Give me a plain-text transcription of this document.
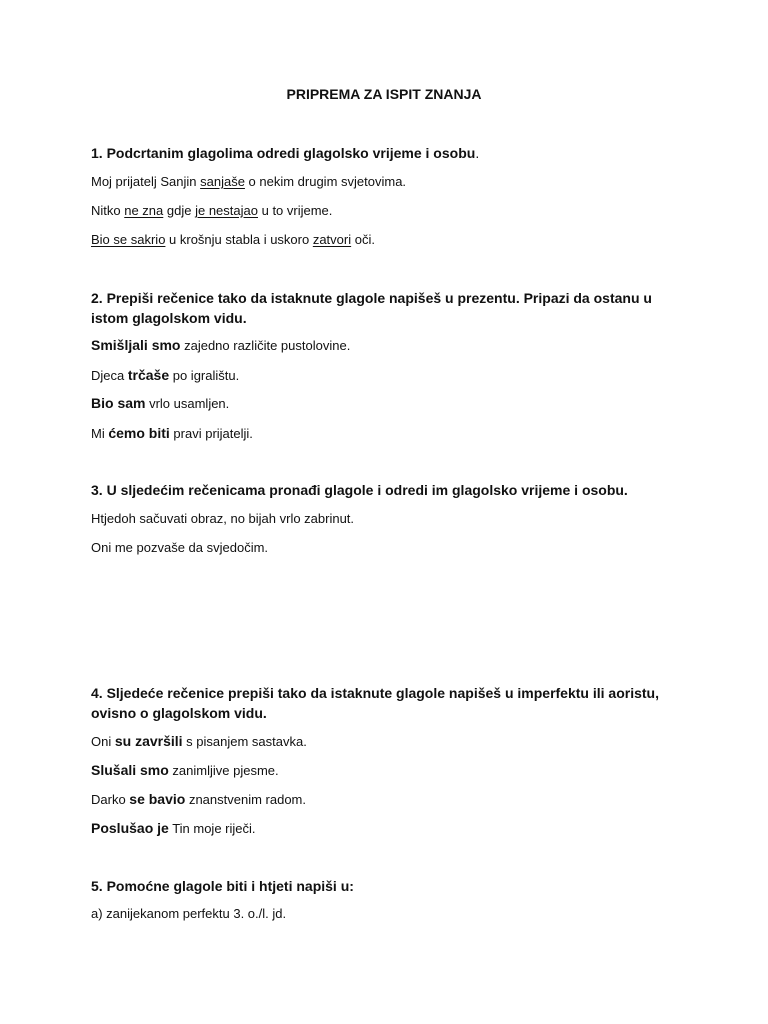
PRIPREMA ZA ISPIT ZNANJA
1. Podcrtanim glagolima odredi glagolsko vrijeme i osobu.
Moj prijatelj Sanjin sanjaše o nekim drugim svjetovima.
Nitko ne zna gdje je nestajao u to vrijeme.
Bio se sakrio u krošnju stabla i uskoro zatvori oči.
2. Prepiši rečenice tako da istaknute glagole napišeš u prezentu. Pripazi da ostanu u istom glagolskom vidu.
Smišljali smo zajedno različite pustolovine.
Djeca trčaše po igralištu.
Bio sam vrlo usamljen.
Mi ćemo biti pravi prijatelji.
3. U sljedećim rečenicama pronađi glagole i odredi im glagolsko vrijeme i osobu.
Htjedoh sačuvati obraz, no bijah vrlo zabrinut.
Oni me pozvaše da svjedočim.
4. Sljedeće rečenice prepiši tako da istaknute glagole napišeš u imperfektu ili aoristu, ovisno o glagolskom vidu.
Oni su završili s pisanjem sastavka.
Slušali smo zanimljive pjesme.
Darko se bavio znanstvenim radom.
Poslušao je Tin moje riječi.
5. Pomoćne glagole biti i htjeti napiši u:
a) zanijekanom perfektu 3. o./l. jd.
